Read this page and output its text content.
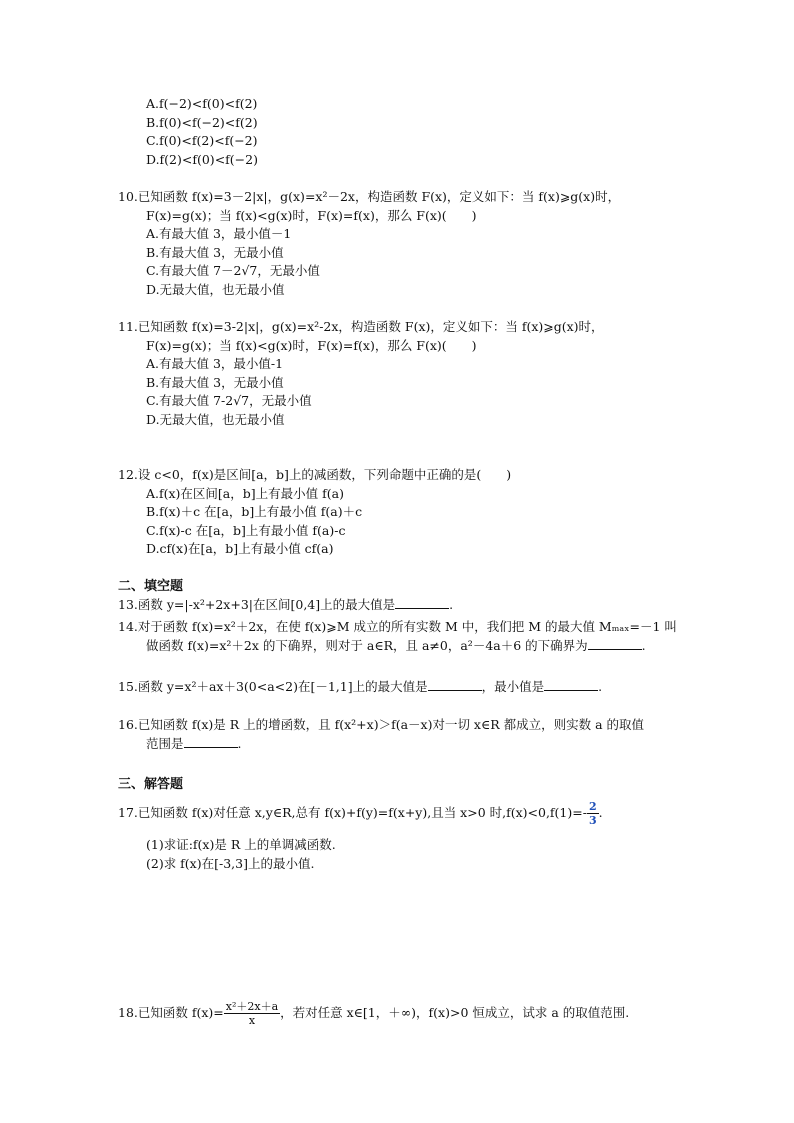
A.f(−2)<f(0)<f(2)
B.f(0)<f(−2)<f(2)
C.f(0)<f(2)<f(−2)
D.f(2)<f(0)<f(−2)
10.已知函数 f(x)=3－2|x|，g(x)=x²－2x，构造函数 F(x)，定义如下：当 f(x)⩾g(x)时，
F(x)=g(x)；当 f(x)<g(x)时，F(x)=f(x)，那么 F(x)(　　)
A.有最大值 3，最小值－1
B.有最大值 3，无最小值
C.有最大值 7－2√7，无最小值
D.无最大值，也无最小值
11.已知函数 f(x)=3-2|x|，g(x)=x²-2x，构造函数 F(x)，定义如下：当 f(x)⩾g(x)时，
F(x)=g(x)；当 f(x)<g(x)时，F(x)=f(x)，那么 F(x)(　　)
A.有最大值 3，最小值-1
B.有最大值 3，无最小值
C.有最大值 7-2√7，无最小值
D.无最大值，也无最小值
12.设 c<0，f(x)是区间[a，b]上的减函数，下列命题中正确的是(　　)
A.f(x)在区间[a，b]上有最小值 f(a)
B.f(x)＋c 在[a，b]上有最小值 f(a)＋c
C.f(x)-c 在[a，b]上有最小值 f(a)-c
D.cf(x)在[a，b]上有最小值 cf(a)
二、填空题
13.函数 y=|-x²+2x+3|在区间[0,4]上的最大值是	.
14.对于函数 f(x)=x²＋2x，在使 f(x)⩾M 成立的所有实数 M 中，我们把 M 的最大值 Mₘₐₓ=－1 叫
做函数 f(x)=x²＋2x 的下确界，则对于 a∈R，且 a≠0，a²－4a＋6 的下确界为	.
15.函数 y=x²＋ax＋3(0<a<2)在[－1,1]上的最大值是	，最小值是	.
16.已知函数 f(x)是 R 上的增函数，且 f(x²+x)＞f(a－x)对一切 x∈R 都成立，则实数 a 的取值
范围是	.
三、解答题
17.已知函数 f(x)对任意 x,y∈R,总有 f(x)+f(y)=f(x+y),且当 x>0 时$,f(x)<0,f(1)=- \frac{2}{3}$ .
(1)求证:f(x)是 R 上的单调减函数.
(2)求 f(x)在[-3,3]上的最小值.
18.已知函数 $f(x)= \frac{\text{x²＋2x＋a}}{x}$ ，若对任意 x∈[1，＋∞)，f(x)>0 恒成立，试求 a 的取值范围.
